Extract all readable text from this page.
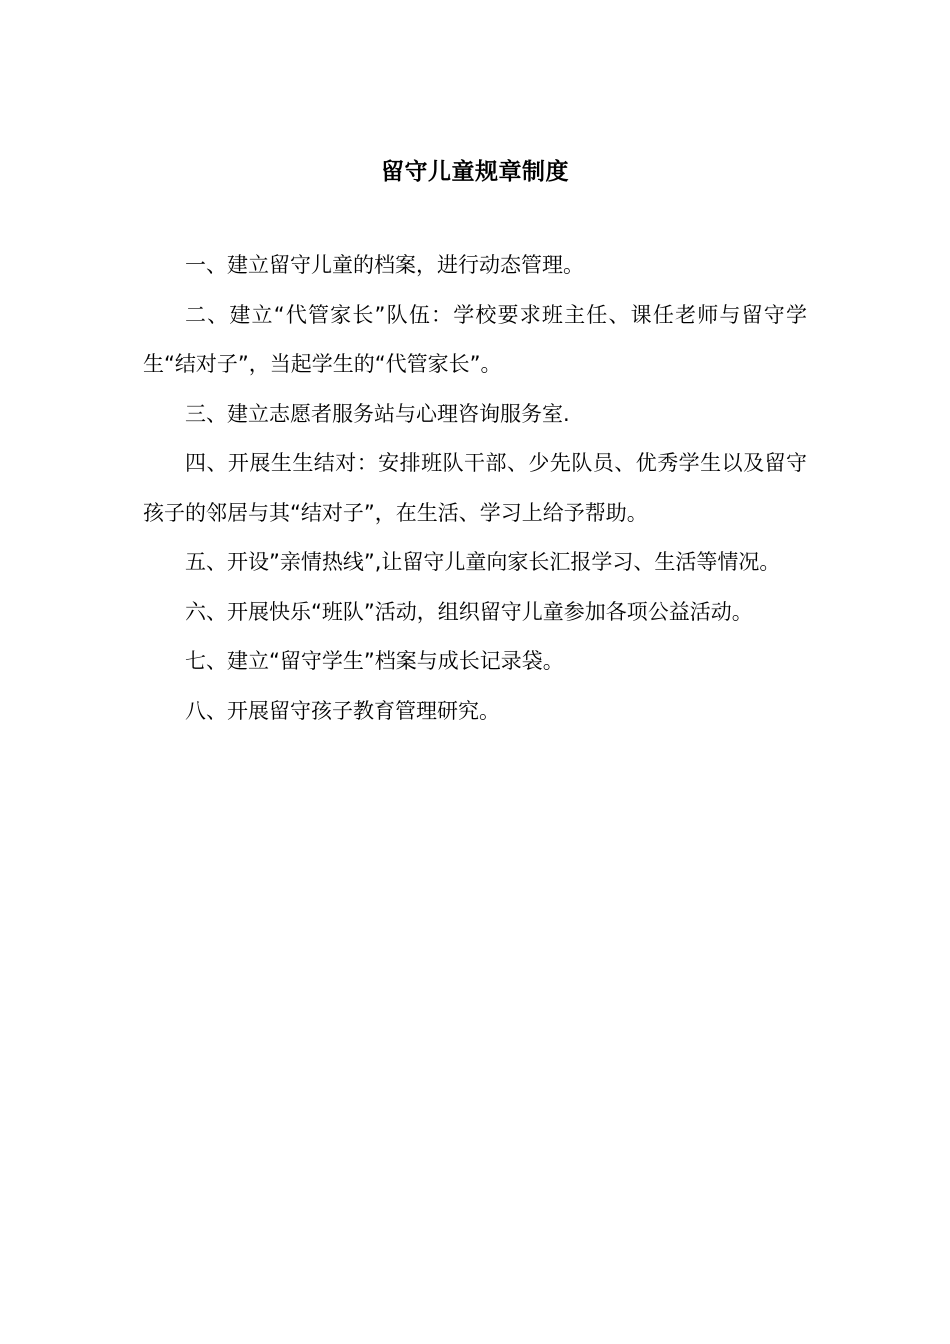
留守儿童规章制度

一、建立留守儿童的档案，进行动态管理。

二、建立“代管家长”队伍：学校要求班主任、课任老师与留守学生“结对子”，当起学生的“代管家长”。

三、建立志愿者服务站与心理咨询服务室.

四、开展生生结对：安排班队干部、少先队员、优秀学生以及留守孩子的邻居与其“结对子”，在生活、学习上给予帮助。

五、开设”亲情热线”,让留守儿童向家长汇报学习、生活等情况。

六、开展快乐“班队”活动，组织留守儿童参加各项公益活动。

七、建立“留守学生”档案与成长记录袋。

八、开展留守孩子教育管理研究。
